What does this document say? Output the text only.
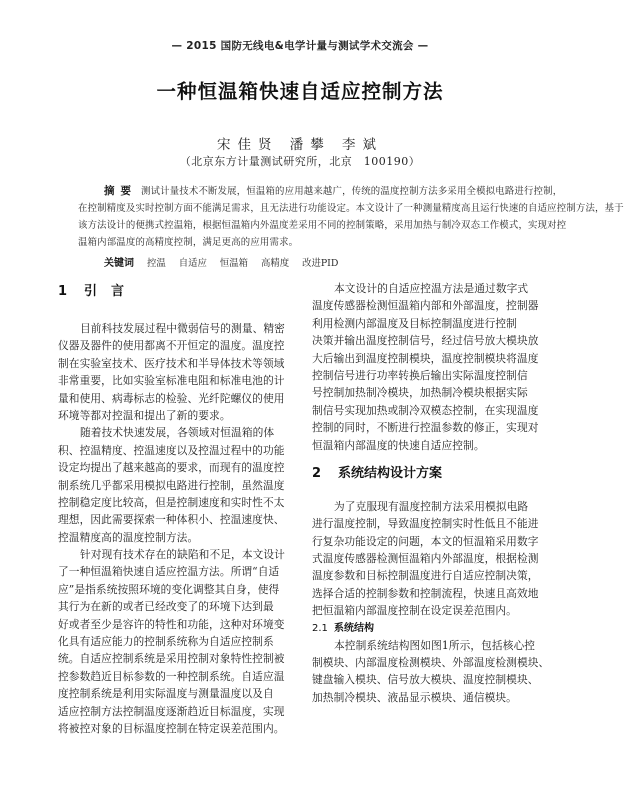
— 2015 国防无线电&电学计量与测试学术交流会 —
一种恒温箱快速自适应控制方法
宋佳贤 潘攀 李斌
（北京东方计量测试研究所，北京　100190）
摘要 测试计量技术不断发展，恒温箱的应用越来越广，传统的温度控制方法多采用全模拟电路进行控制，
在控制精度及实时控制方面不能满足需求，且无法进行功能设定。本文设计了一种测量精度高且运行快速的自适应控制方法，基于
该方法设计的便携式控温箱，根据恒温箱内外温度差采用不同的控制策略，采用加热与制冷双态工作模式，实现对控
温箱内部温度的高精度控制，满足更高的应用需求。
关键词 控温 自适应 恒温箱 高精度 改进PID
1 引言
目前科技发展过程中微弱信号的测量、精密
仪器及器件的使用都离不开恒定的温度。温度控
制在实验室技术、医疗技术和半导体技术等领域
非常重要，比如实验室标准电阻和标准电池的计
量和使用、病毒标志的检验、光纤陀螺仪的使用
环境等都对控温和提出了新的要求。
随着技术快速发展，各领域对恒温箱的体
积、控温精度、控温速度以及控温过程中的功能
设定均提出了越来越高的要求，而现有的温度控
制系统几乎都采用模拟电路进行控制，虽然温度
控制稳定度比较高，但是控制速度和实时性不太
理想，因此需要探索一种体积小、控温速度快、
控温精度高的温度控制方法。
针对现有技术存在的缺陷和不足，本文设计
了一种恒温箱快速自适应控温方法。所谓“自适
应”是指系统按照环境的变化调整其自身，使得
其行为在新的或者已经改变了的环境下达到最
好或者至少是容许的特性和功能，这种对环境变
化具有适应能力的控制系统称为自适应控制系
统。自适应控制系统是采用控制对象特性控制被
控参数趋近目标参数的一种控制系统。自适应温
度控制系统是利用实际温度与测量温度以及自
适应控制方法控制温度逐渐趋近目标温度，实现
将被控对象的目标温度控制在特定误差范围内。
本文设计的自适应控温方法是通过数字式
温度传感器检测恒温箱内部和外部温度，控制器
利用检测内部温度及目标控制温度进行控制
决策并输出温度控制信号，经过信号放大模块放
大后输出到温度控制模块，温度控制模块将温度
控制信号进行功率转换后输出实际温度控制信
号控制加热制冷模块，加热制冷模块根据实际
制信号实现加热或制冷双模态控制，在实现温度
控制的同时，不断进行控温参数的修正，实现对
恒温箱内部温度的快速自适应控制。
2 系统结构设计方案
为了克服现有温度控制方法采用模拟电路
进行温度控制，导致温度控制实时性低且不能进
行复杂功能设定的问题，本文的恒温箱采用数字
式温度传感器检测恒温箱内外部温度，根据检测
温度参数和目标控制温度进行自适应控制决策，
选择合适的控制参数和控制流程，快速且高效地
把恒温箱内部温度控制在设定误差范围内。
2.1 系统结构
本控制系统结构图如图1所示，包括核心控
制模块、内部温度检测模块、外部温度检测模块、
键盘输入模块、信号放大模块、温度控制模块、
加热制冷模块、液晶显示模块、通信模块。
